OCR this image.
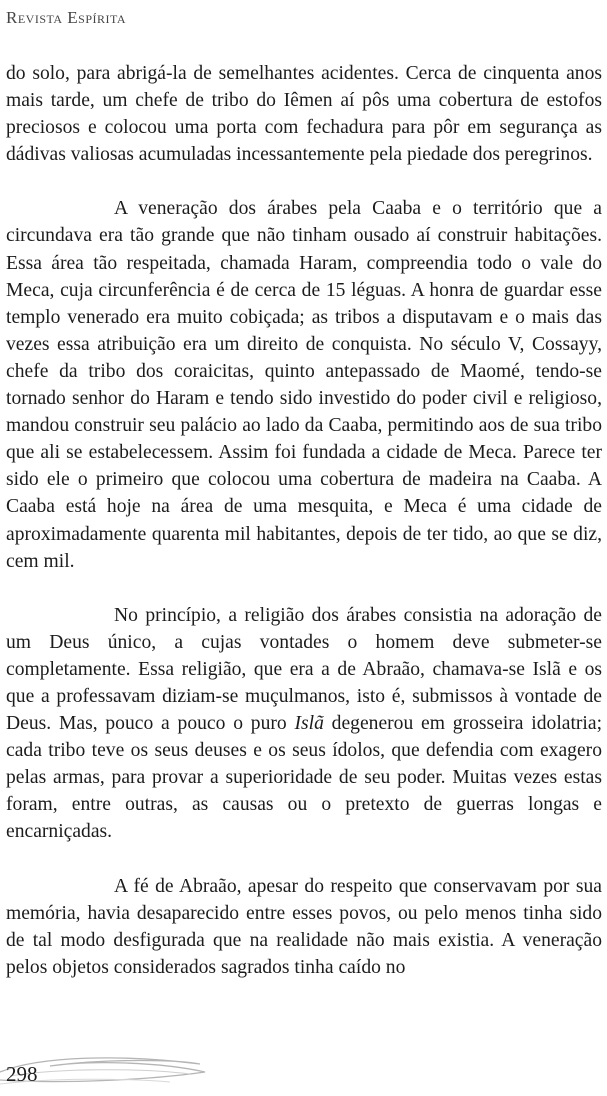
Revista Espírita

do solo, para abrigá-la de semelhantes acidentes. Cerca de cinquenta anos mais tarde, um chefe de tribo do Iêmen aí pôs uma cobertura de estofos preciosos e colocou uma porta com fechadura para pôr em segurança as dádivas valiosas acumuladas incessantemente pela piedade dos peregrinos.

A veneração dos árabes pela Caaba e o território que a circundava era tão grande que não tinham ousado aí construir habitações. Essa área tão respeitada, chamada Haram, compreendia todo o vale do Meca, cuja circunferência é de cerca de 15 léguas. A honra de guardar esse templo venerado era muito cobiçada; as tribos a disputavam e o mais das vezes essa atribuição era um direito de conquista. No século V, Cossayy, chefe da tribo dos coraicitas, quinto antepassado de Maomé, tendo-se tornado senhor do Haram e tendo sido investido do poder civil e religioso, mandou construir seu palácio ao lado da Caaba, permitindo aos de sua tribo que ali se estabelecessem. Assim foi fundada a cidade de Meca. Parece ter sido ele o primeiro que colocou uma cobertura de madeira na Caaba. A Caaba está hoje na área de uma mesquita, e Meca é uma cidade de aproximadamente quarenta mil habitantes, depois de ter tido, ao que se diz, cem mil.

No princípio, a religião dos árabes consistia na adoração de um Deus único, a cujas vontades o homem deve submeter-se completamente. Essa religião, que era a de Abraão, chamava-se Islã e os que a professavam diziam-se muçulmanos, isto é, submissos à vontade de Deus. Mas, pouco a pouco o puro Islã degenerou em grosseira idolatria; cada tribo teve os seus deuses e os seus ídolos, que defendia com exagero pelas armas, para provar a superioridade de seu poder. Muitas vezes estas foram, entre outras, as causas ou o pretexto de guerras longas e encarniçadas.

A fé de Abraão, apesar do respeito que conservavam por sua memória, havia desaparecido entre esses povos, ou pelo menos tinha sido de tal modo desfigurada que na realidade não mais existia. A veneração pelos objetos considerados sagrados tinha caído no

298
